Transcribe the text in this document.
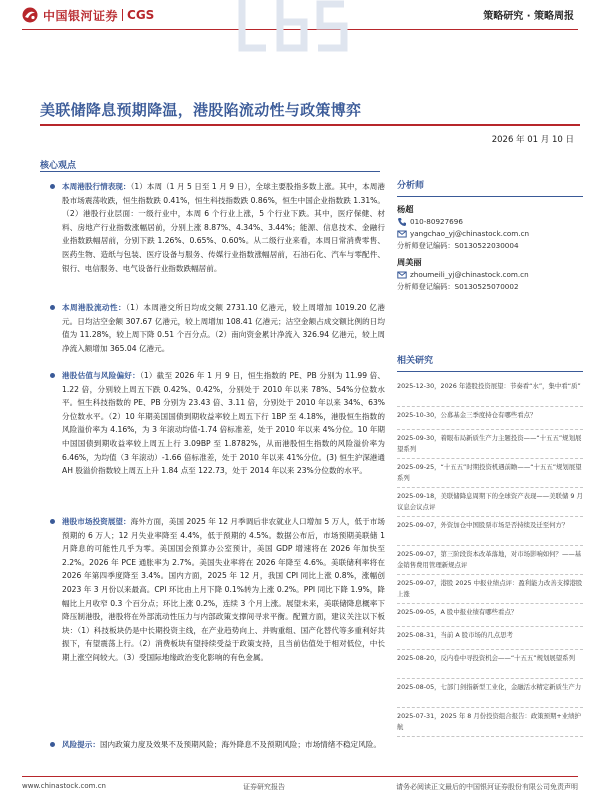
中国银河证券 CGS	策略研究 · 策略周报
美联储降息预期降温，港股陷流动性与政策博弈
2026 年 01 月 10 日
核心观点
本周港股行情表现：（1）本周（1 月 5 日至 1 月 9 日），全球主要股指多数上涨。其中，本周港股市场震荡收跌，恒生指数跌 0.41%，恒生科技指数跌 0.86%，恒生中国企业指数跌 1.31%。（2）港股行业层面：一级行业中，本周 6 个行业上涨，5 个行业下跌。其中，医疗保健、材料、房地产行业指数涨幅居前，分别上涨 8.87%、4.34%、3.44%；能源、信息技术、金融行业指数跌幅居前，分别下跌 1.26%、0.65%、0.60%。从二级行业来看，本周日常消费零售、医药生物、造纸与包装、医疗设备与服务、传媒行业指数涨幅居前，石油石化、汽车与零配件、银行、电信服务、电气设备行业指数跌幅居前。
本周港股流动性：（1）本周港交所日均成交额 2731.10 亿港元，较上周增加 1019.20 亿港元。日均沽空金额 307.67 亿港元，较上周增加 108.41 亿港元；沽空金额占成交额比例的日均值为 11.28%，较上周下降 0.51 个百分点。（2）南向资金累计净流入 326.94 亿港元，较上周净流入额增加 365.04 亿港元。
港股估值与风险偏好：（1）截至 2026 年 1 月 9 日，恒生指数的 PE、PB 分别为 11.99 倍、1.22 倍，分别较上周五下跌 0.42%、0.42%，分别处于 2010 年以来 78%、54%分位数水平。恒生科技指数的 PE、PB 分别为 23.43 倍、3.11 倍，分别处于 2010 年以来 34%、63%分位数水平。（2）10 年期美国国债到期收益率较上周五下行 1BP 至 4.18%，港股恒生指数的风险溢价率为 4.16%，为 3 年滚动均值-1.74 倍标准差，处于 2010 年以来 4%分位。10 年期中国国债到期收益率较上周五上行 3.09BP 至 1.8782%，从而港股恒生指数的风险溢价率为 6.46%，为均值（3 年滚动）-1.66 倍标准差，处于 2010 年以来 41%分位。(3) 恒生沪深港通 AH 股溢价指数较上周五上升 1.84 点至 122.73，处于 2014 年以来 23%分位数的水平。
港股市场投资展望：海外方面，美国 2025 年 12 月季调后非农就业人口增加 5 万人，低于市场预期的 6 万人；12 月失业率降至 4.4%，低于预期的 4.5%。数据公布后，市场预期美联储 1 月降息的可能性几乎为零。美国国会预算办公室预计，美国 GDP 增速将在 2026 年加快至 2.2%。2026 年 PCE 通胀率为 2.7%。美国失业率将在 2026 年降至 4.6%。美联储利率将在 2026 年第四季度降至 3.4%。国内方面，2025 年 12 月，我国 CPI 同比上涨 0.8%，涨幅创 2023 年 3 月份以来最高。CPI 环比由上月下降 0.1%转为上涨 0.2%。PPI 同比下降 1.9%，降幅比上月收窄 0.3 个百分点；环比上涨 0.2%，连续 3 个月上涨。展望未来，美联储降息概率下降压制港股，港股将在外部流动性压力与内部政策支撑间寻求平衡。配置方面，建议关注以下板块：（1）科技板块仍是中长期投资主线，在产业趋势向上、并购重组、国产化替代等多重利好共振下，有望震荡上行。（2）消费板块有望持续受益于政策支持，且当前估值处于相对低位，中长期上涨空间较大。（3）受国际地缘政治变化影响的有色金属。
风险提示：国内政策力度及效果不及预期风险；海外降息不及预期风险；市场情绪不稳定风险。
分析师
杨超
010-80927696
yangchao_yj@chinastock.com.cn
分析师登记编码：S0130522030004
周美丽
zhoumeili_yj@chinastock.com.cn
分析师登记编码：S0130525070002
相关研究
2025-12-30，2026 年港股投资展望：节奏看“水”，集中看“质”
2025-10-30，公募基金三季度持仓有哪些看点？
2025-09-30，着眼布局新质生产力主题投资——“十五五”规划展望系列
2025-09-25，“十五五”时期投资机遇前瞻——“十五五”规划展望系列
2025-09-18，美联储降息周期下的全球资产表现——美联储 9 月议息会议点评
2025-09-07，外资加仓中国股票市场是否持续及迁至何方？
2025-09-07，第三阶段资本改革落地，对市场影响如何？——基金销售费用管理新规点评
2025-09-07，港股 2025 中报业绩点评：盈利能力改善支撑港股上涨
2025-09-05，A 股中报业绩有哪些看点？
2025-08-31，当前 A 股市场的几点思考
2025-08-20，反内卷中寻投资机会——“十五五”规划展望系列
2025-08-05，七部门剑指新型工业化，金融活水精定新质生产力
2025-07-31，2025 年 8 月份投资组合报告：政策预期+业绩护航
www.chinastock.com.cn	证券研究报告	请务必阅读正文最后的中国银河证券股份有限公司免责声明
